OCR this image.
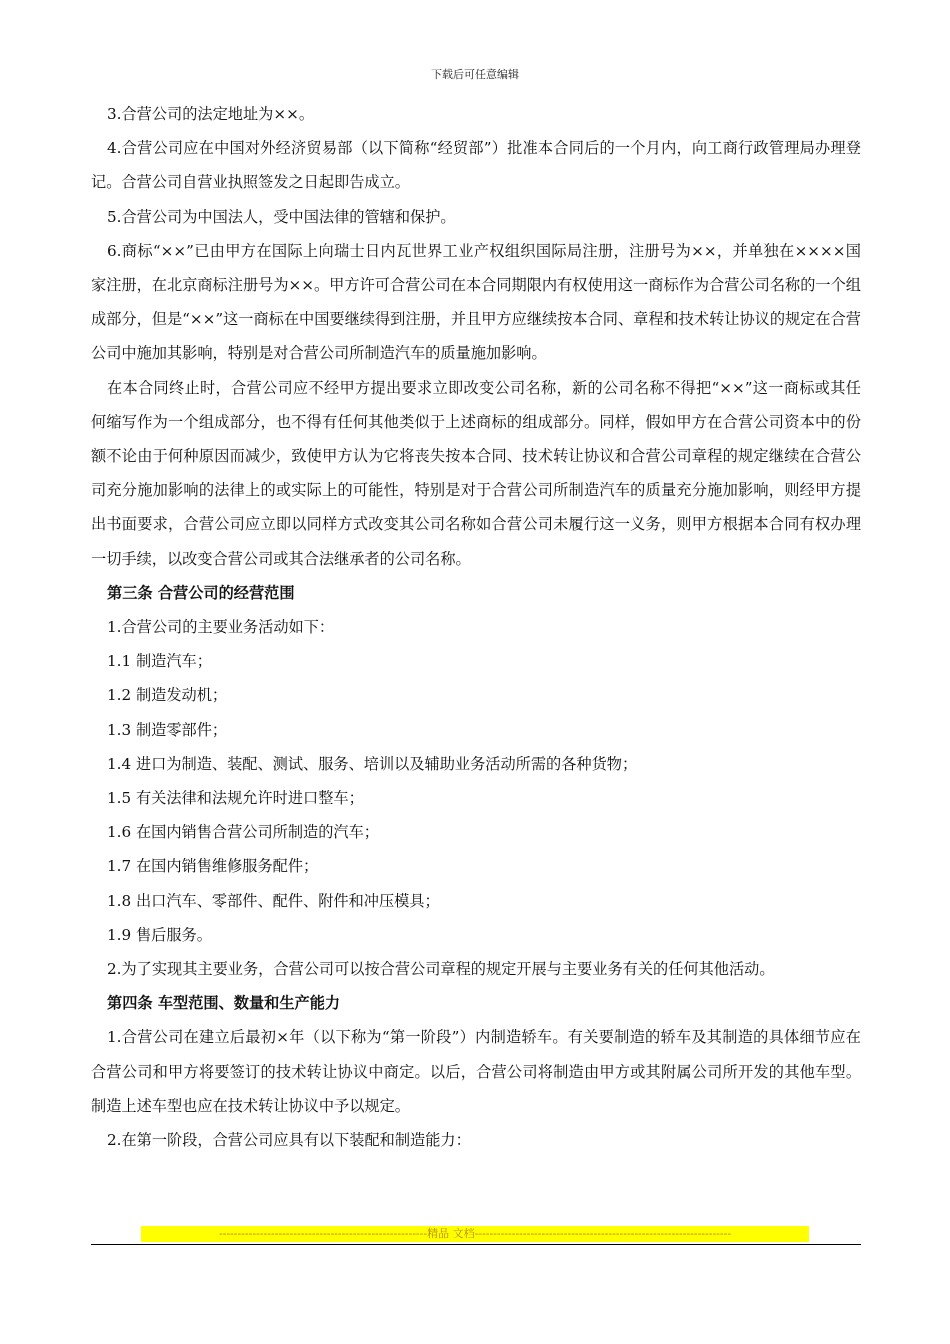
下载后可任意编辑

3.合营公司的法定地址为××。

4.合营公司应在中国对外经济贸易部（以下简称“经贸部”）批准本合同后的一个月内，向工商行政管理局办理登记。合营公司自营业执照签发之日起即告成立。

5.合营公司为中国法人，受中国法律的管辖和保护。

6.商标“××”已由甲方在国际上向瑞士日内瓦世界工业产权组织国际局注册，注册号为××，并单独在××××国家注册，在北京商标注册号为××。甲方许可合营公司在本合同期限内有权使用这一商标作为合营公司名称的一个组成部分，但是“××”这一商标在中国要继续得到注册，并且甲方应继续按本合同、章程和技术转让协议的规定在合营公司中施加其影响，特别是对合营公司所制造汽车的质量施加影响。

在本合同终止时，合营公司应不经甲方提出要求立即改变公司名称，新的公司名称不得把“××”这一商标或其任何缩写作为一个组成部分，也不得有任何其他类似于上述商标的组成部分。同样，假如甲方在合营公司资本中的份额不论由于何种原因而减少，致使甲方认为它将丧失按本合同、技术转让协议和合营公司章程的规定继续在合营公司充分施加影响的法律上的或实际上的可能性，特别是对于合营公司所制造汽车的质量充分施加影响，则经甲方提出书面要求，合营公司应立即以同样方式改变其公司名称如合营公司未履行这一义务，则甲方根据本合同有权办理一切手续，以改变合营公司或其合法继承者的公司名称。

第三条 合营公司的经营范围

1.合营公司的主要业务活动如下：

1.1 制造汽车；

1.2 制造发动机；

1.3 制造零部件；

1.4 进口为制造、装配、测试、服务、培训以及辅助业务活动所需的各种货物；

1.5 有关法律和法规允许时进口整车；

1.6 在国内销售合营公司所制造的汽车；

1.7 在国内销售维修服务配件；

1.8 出口汽车、零部件、配件、附件和冲压模具；

1.9 售后服务。

2.为了实现其主要业务，合营公司可以按合营公司章程的规定开展与主要业务有关的任何其他活动。

第四条 车型范围、数量和生产能力

1.合营公司在建立后最初×年（以下称为“第一阶段”）内制造轿车。有关要制造的轿车及其制造的具体细节应在合营公司和甲方将要签订的技术转让协议中商定。以后，合营公司将制造由甲方或其附属公司所开发的其他车型。制造上述车型也应在技术转让协议中予以规定。

2.在第一阶段，合营公司应具有以下装配和制造能力：

--------------------------------------------------------精品 文档---------------------------------------------------------------------
